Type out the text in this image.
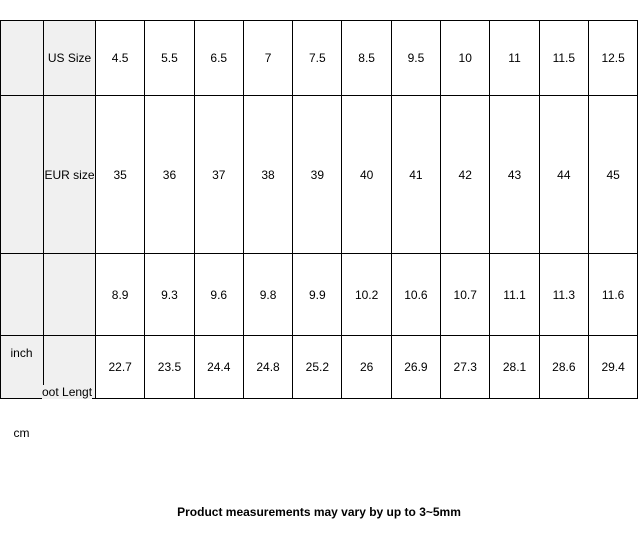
	US Size	4.5	5.5	6.5	7	7.5	8.5	9.5	10	11	11.5	12.5
	EUR size	35	36	37	38	39	40	41	42	43	44	45
		8.9	9.3	9.6	9.8	9.9	10.2	10.6	10.7	11.1	11.3	11.6
		22.7	23.5	24.4	24.8	25.2	26	26.9	27.3	28.1	28.6	29.4
inch
cm
oot Lengt
Product measurements may vary by up to 3~5mm
